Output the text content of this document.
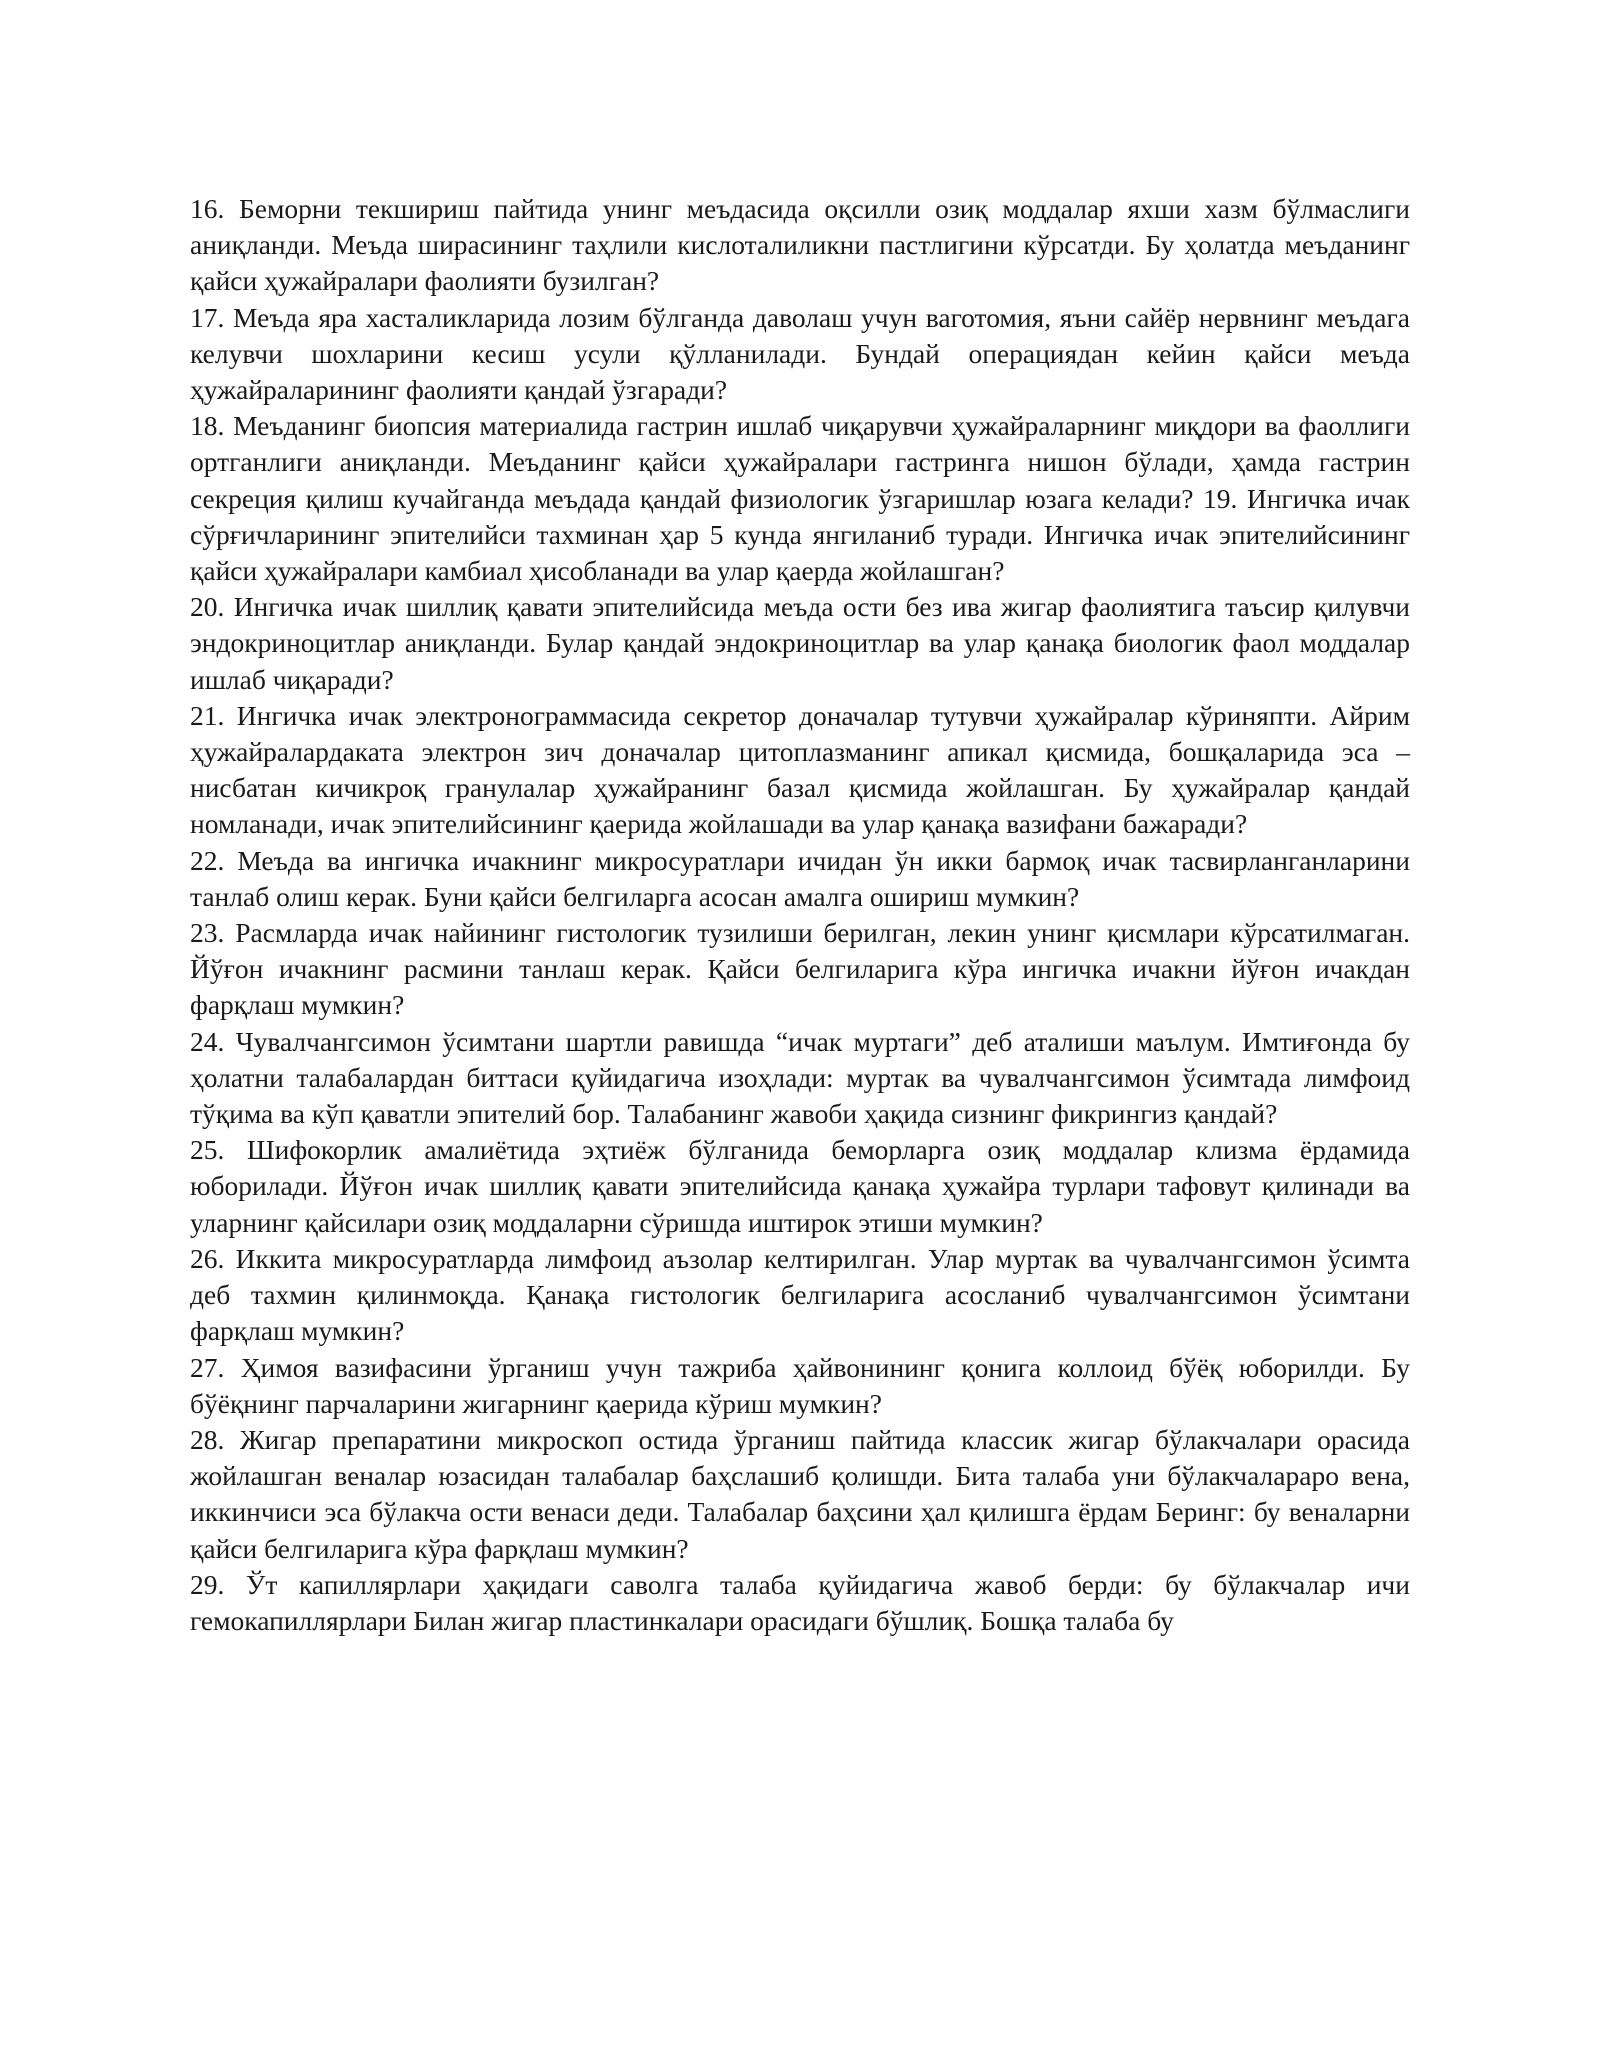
16. Беморни текшириш пайтида унинг меъдасида оқсилли озиқ моддалар яхши хазм бўлмаслиги аниқланди. Меъда ширасининг таҳлили кислоталиликни пастлигини кўрсатди. Бу ҳолатда меъданинг қайси ҳужайралари фаолияти бузилган?

17. Меъда яра хасталикларида лозим бўлганда даволаш учун ваготомия, яъни сайёр нервнинг меъдага келувчи шохларини кесиш усули қўлланилади. Бундай операциядан кейин қайси меъда ҳужайраларининг фаолияти қандай ўзгаради?

18. Меъданинг биопсия материалида гастрин ишлаб чиқарувчи ҳужайраларнинг миқдори ва фаоллиги ортганлиги аниқланди. Меъданинг қайси ҳужайралари гастринга нишон бўлади, ҳамда гастрин секреция қилиш кучайганда меъдада қандай физиологик ўзгаришлар юзага келади? 19. Ингичка ичак сўрғичларининг эпителийси тахминан ҳар 5 кунда янгиланиб туради. Ингичка ичак эпителийсининг қайси ҳужайралари камбиал ҳисобланади ва улар қаерда жойлашган?

20. Ингичка ичак шиллиқ қавати эпителийсида меъда ости без ива жигар фаолиятига таъсир қилувчи эндокриноцитлар аниқланди. Булар қандай эндокриноцитлар ва улар қанақа биологик фаол моддалар ишлаб чиқаради?

21. Ингичка ичак электронограммасида секретор доначалар тутувчи ҳужайралар кўриняпти. Айрим ҳужайралардаката электрон зич доначалар цитоплазманинг апикал қисмида, бошқаларида эса – нисбатан кичикроқ гранулалар ҳужайранинг базал қисмида жойлашган. Бу ҳужайралар қандай номланади, ичак эпителийсининг қаерида жойлашади ва улар қанақа вазифани бажаради?

22. Меъда ва ингичка ичакнинг микросуратлари ичидан ўн икки бармоқ ичак тасвирланганларини танлаб олиш керак. Буни қайси белгиларга асосан амалга ошириш мумкин?

23. Расмларда ичак найининг гистологик тузилиши берилган, лекин унинг қисмлари кўрсатилмаган. Йўғон ичакнинг расмини танлаш керак. Қайси белгиларига кўра ингичка ичакни йўғон ичакдан фарқлаш мумкин?

24. Чувалчангсимон ўсимтани шартли равишда “ичак муртаги” деб аталиши маълум. Имтиғонда бу ҳолатни талабалардан биттаси қуйидагича изоҳлади: муртак ва чувалчангсимон ўсимтада лимфоид тўқима ва кўп қаватли эпителий бор. Талабанинг жавоби ҳақида сизнинг фикрингиз қандай?

25. Шифокорлик амалиётида эҳтиёж бўлганида беморларга озиқ моддалар клизма ёрдамида юборилади. Йўғон ичак шиллиқ қавати эпителийсида қанақа ҳужайра турлари тафовут қилинади ва уларнинг қайсилари озиқ моддаларни сўришда иштирок этиши мумкин?

26. Иккита микросуратларда лимфоид аъзолар келтирилган. Улар муртак ва чувалчангсимон ўсимта деб тахмин қилинмоқда. Қанақа гистологик белгиларига асосланиб чувалчангсимон ўсимтани фарқлаш мумкин?

27. Ҳимоя вазифасини ўрганиш учун тажриба ҳайвонининг қонига коллоид бўёқ юборилди. Бу бўёқнинг парчаларини жигарнинг қаерида кўриш мумкин?

28. Жигар препаратини микроскоп остида ўрганиш пайтида классик жигар бўлакчалари орасида жойлашган веналар юзасидан талабалар баҳслашиб қолишди. Бита талаба уни бўлакчалараро вена, иккинчиси эса бўлакча ости венаси деди. Талабалар баҳсини ҳал қилишга ёрдам Беринг: бу веналарни қайси белгиларига кўра фарқлаш мумкин?

29. Ўт капиллярлари ҳақидаги саволга талаба қуйидагича жавоб берди: бу бўлакчалар ичи гемокапиллярлари Билан жигар пластинкалари орасидаги бўшлиқ. Бошқа талаба бу
